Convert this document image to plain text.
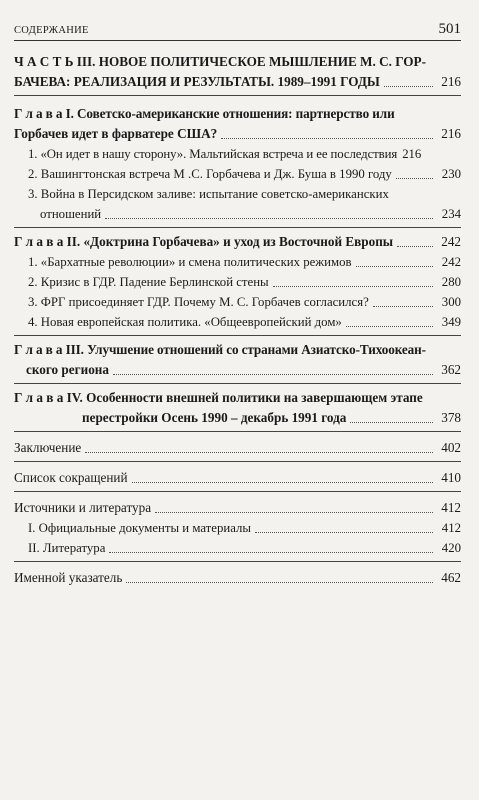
СОДЕРЖАНИЕ	501
Ч А С Т Ь III. НОВОЕ ПОЛИТИЧЕСКОЕ МЫШЛЕНИЕ М. С. ГОР-
БАЧЕВА: РЕАЛИЗАЦИЯ И РЕЗУЛЬТАТЫ. 1989–1991 ГОДЫ	216
Г л а в а I. Советско-американские отношения: партнерство или
Горбачев идет в фарватере США?	216
1. «Он идет в нашу сторону». Мальтийская встреча и ее последствия 216
2. Вашингтонская встреча М .С. Горбачева и Дж. Буша в 1990 году	230
3. Война в Персидском заливе: испытание советско-американских
отношений	234
Г л а в а II. «Доктрина Горбачева» и уход из Восточной Европы	242
1. «Бархатные революции» и смена политических режимов	242
2. Кризис в ГДР. Падение Берлинской стены	280
3. ФРГ присоединяет ГДР. Почему М. С. Горбачев согласился?	300
4. Новая европейская политика. «Общеевропейский дом»	349
Г л а в а III. Улучшение отношений со странами Азиатско-Тихоокеан-
ского региона	362
Г л а в а IV. Особенности внешней политики на завершающем этапе
перестройки Осень 1990 – декабрь 1991 года	378
Заключение	402
Список сокращений	410
Источники и литература	412
I. Официальные документы и материалы	412
II. Литература	420
Именной указатель	462
